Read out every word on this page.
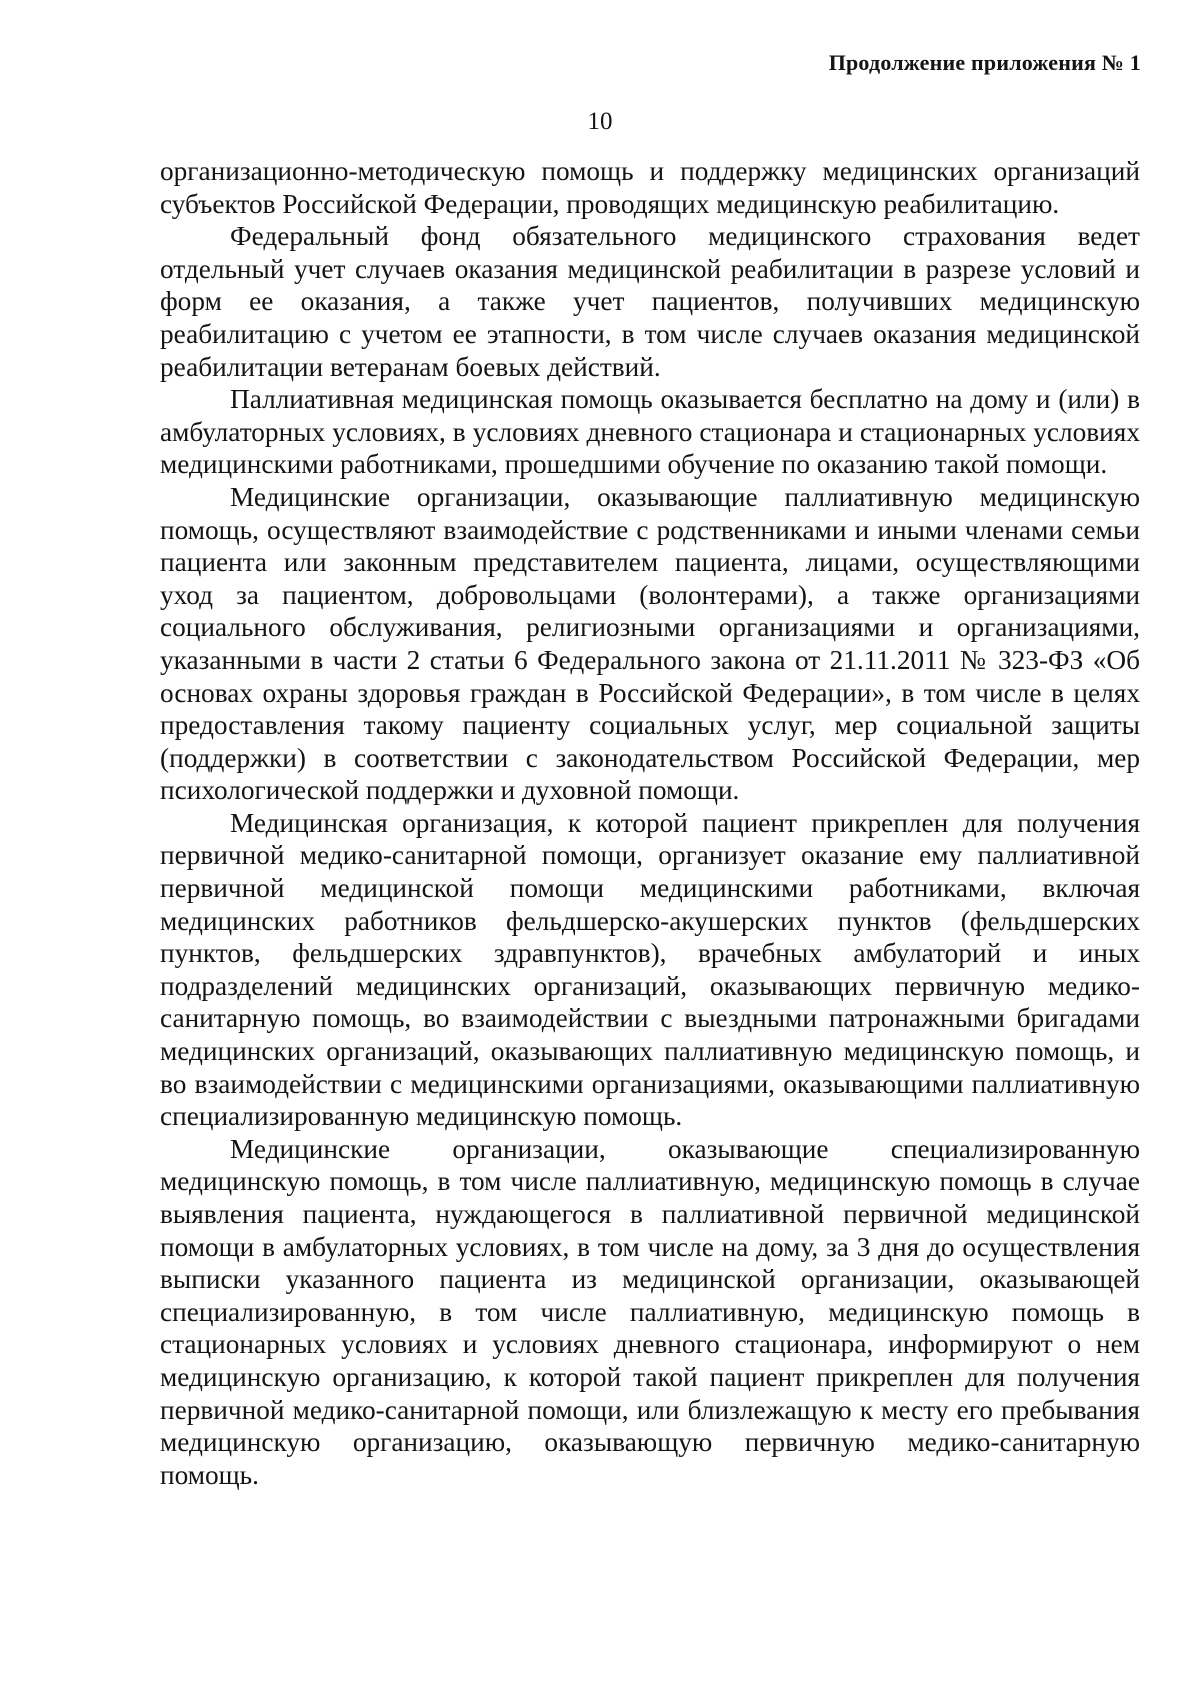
Продолжение приложения № 1
10

организационно-методическую помощь и поддержку медицинских организаций субъектов Российской Федерации, проводящих медицинскую реабилитацию.

Федеральный фонд обязательного медицинского страхования ведет отдельный учет случаев оказания медицинской реабилитации в разрезе условий и форм ее оказания, а также учет пациентов, получивших медицинскую реабилитацию с учетом ее этапности, в том числе случаев оказания медицинской реабилитации ветеранам боевых действий.

Паллиативная медицинская помощь оказывается бесплатно на дому и (или) в амбулаторных условиях, в условиях дневного стационара и стационарных условиях медицинскими работниками, прошедшими обучение по оказанию такой помощи.

Медицинские организации, оказывающие паллиативную медицинскую помощь, осуществляют взаимодействие с родственниками и иными членами семьи пациента или законным представителем пациента, лицами, осуществляющими уход за пациентом, добровольцами (волонтерами), а также организациями социального обслуживания, религиозными организациями и организациями, указанными в части 2 статьи 6 Федерального закона от 21.11.2011 № 323-ФЗ «Об основах охраны здоровья граждан в Российской Федерации», в том числе в целях предоставления такому пациенту социальных услуг, мер социальной защиты (поддержки) в соответствии с законодательством Российской Федерации, мер психологической поддержки и духовной помощи.

Медицинская организация, к которой пациент прикреплен для получения первичной медико-санитарной помощи, организует оказание ему паллиативной первичной медицинской помощи медицинскими работниками, включая медицинских работников фельдшерско-акушерских пунктов (фельдшерских пунктов, фельдшерских здравпунктов), врачебных амбулаторий и иных подразделений медицинских организаций, оказывающих первичную медико-санитарную помощь, во взаимодействии с выездными патронажными бригадами медицинских организаций, оказывающих паллиативную медицинскую помощь, и во взаимодействии с медицинскими организациями, оказывающими паллиативную специализированную медицинскую помощь.

Медицинские организации, оказывающие специализированную медицинскую помощь, в том числе паллиативную, медицинскую помощь в случае выявления пациента, нуждающегося в паллиативной первичной медицинской помощи в амбулаторных условиях, в том числе на дому, за 3 дня до осуществления выписки указанного пациента из медицинской организации, оказывающей специализированную, в том числе паллиативную, медицинскую помощь в стационарных условиях и условиях дневного стационара, информируют о нем медицинскую организацию, к которой такой пациент прикреплен для получения первичной медико-санитарной помощи, или близлежащую к месту его пребывания медицинскую организацию, оказывающую первичную медико-санитарную помощь.
